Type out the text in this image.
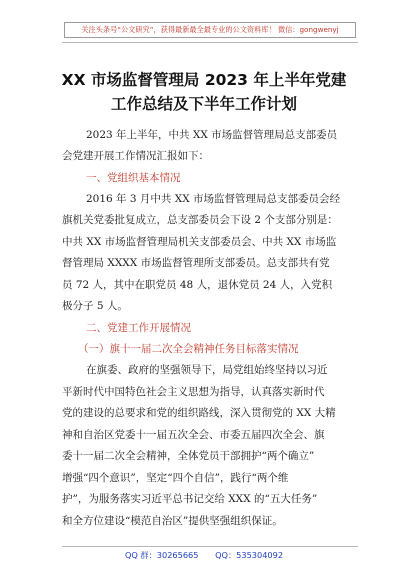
关注头条号“公文研究”，获得最新最全最专业的公文资料库！ 微信：gongwenyj
XX 市场监督管理局 2023 年上半年党建
工作总结及下半年工作计划
2023 年上半年，中共 XX 市场监督管理局总支部委员
会党建开展工作情况汇报如下：
一、党组织基本情况
2016 年 3 月中共 XX 市场监督管理局总支部委员会经
旗机关党委批复成立，总支部委员会下设 2 个支部分别是：
中共 XX 市场监督管理局机关支部委员会、中共 XX 市场监
督管理局 XXXX 市场监督管理所支部委员。总支部共有党
员 72 人，其中在职党员 48 人，退休党员 24 人，入党积
极分子 5 人。
二、党建工作开展情况
（一）旗十一届二次全会精神任务目标落实情况
在旗委、政府的坚强领导下，局党组始终坚持以习近
平新时代中国特色社会主义思想为指导，认真落实新时代
党的建设的总要求和党的组织路线，深入贯彻党的 XX 大精
神和自治区党委十一届五次全会、市委五届四次全会、旗
委十一届二次全会精神，全体党员干部拥护“两个确立”
增强“四个意识”，坚定“四个自信”，践行“两个维
护”，为服务落实习近平总书记交给 XXX 的“五大任务”
和全方位建设“模范自治区”提供坚强组织保证。
QQ 群：30265665 QQ：535304092
